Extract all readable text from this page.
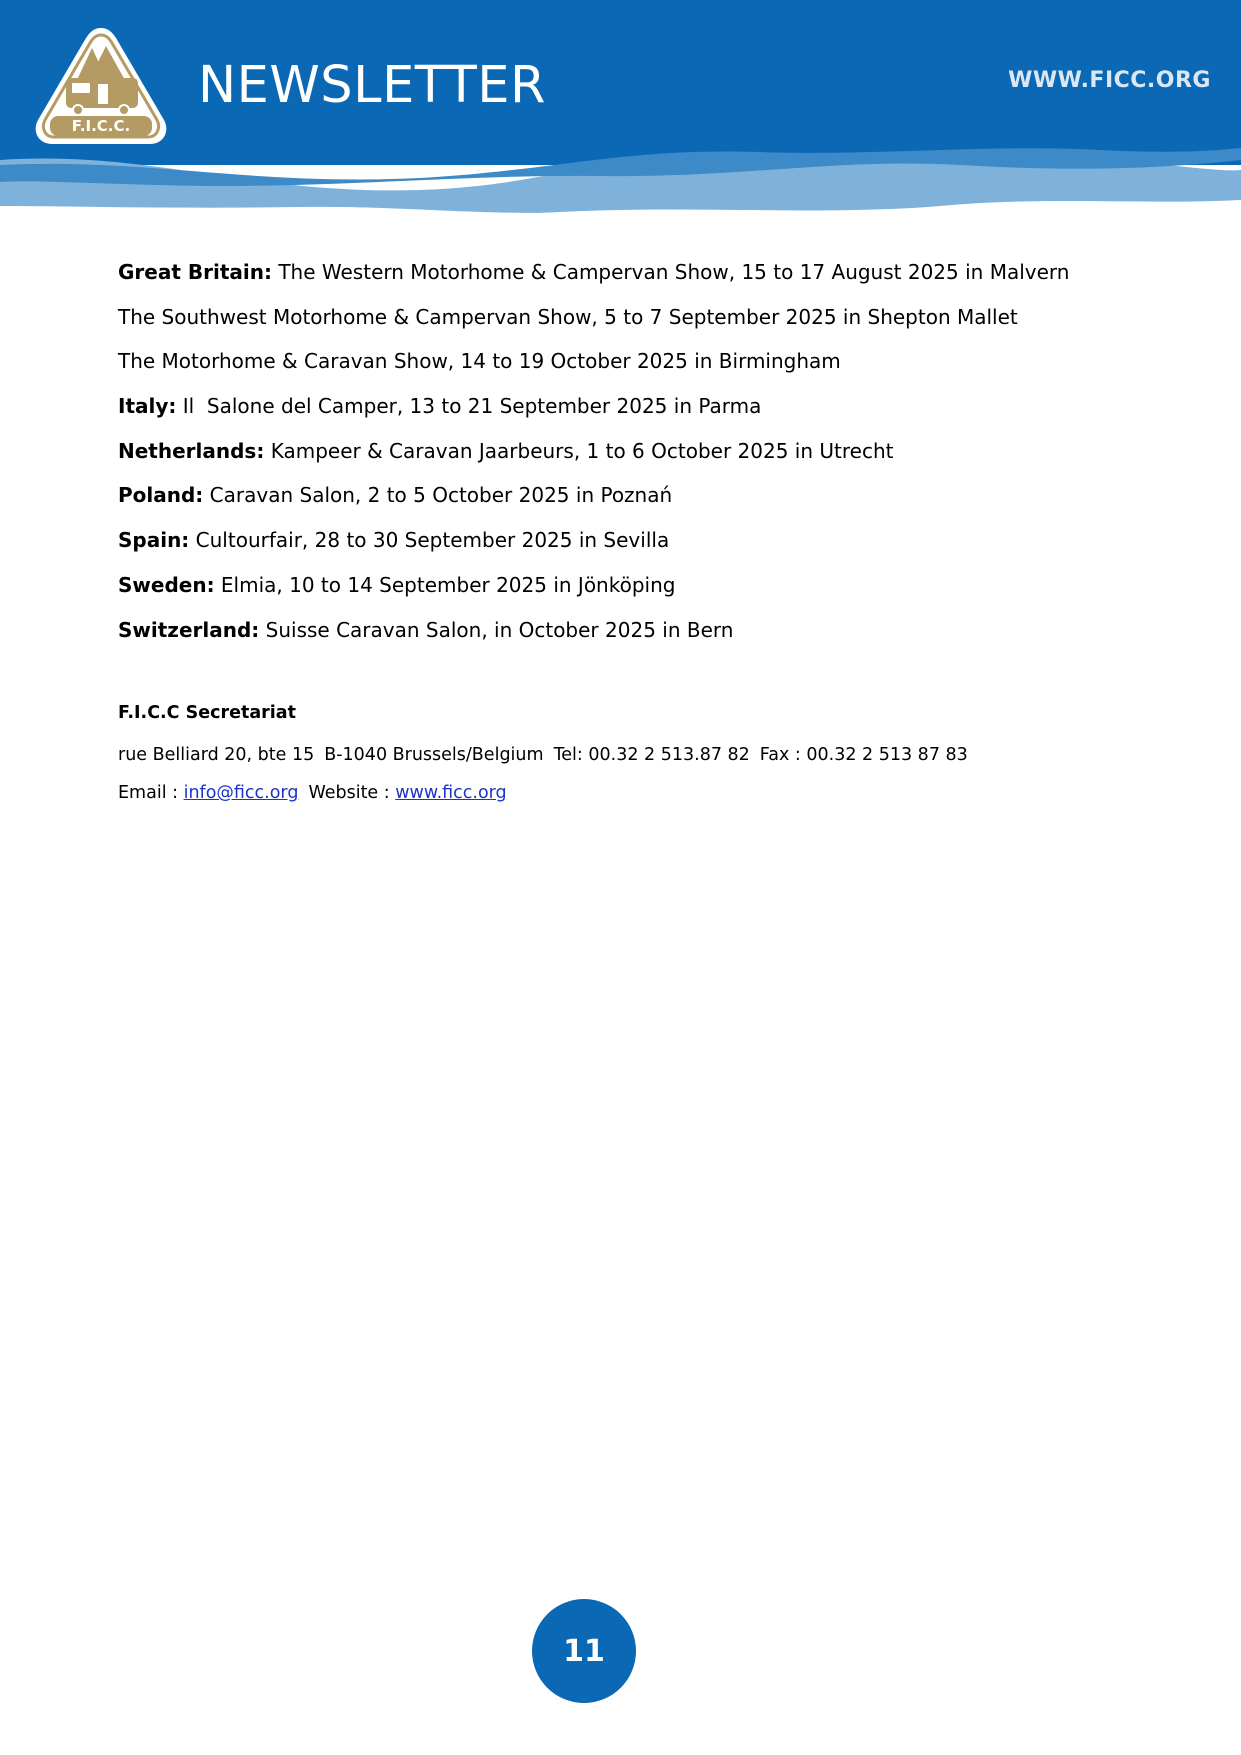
F.I.C.C.
NEWSLETTER	WWW.FICC.ORG
Great Britain: The Western Motorhome & Campervan Show, 15 to 17 August 2025 in Malvern
The Southwest Motorhome & Campervan Show, 5 to 7 September 2025 in Shepton Mallet
The Motorhome & Caravan Show, 14 to 19 October 2025 in Birmingham
Italy: Il  Salone del Camper, 13 to 21 September 2025 in Parma
Netherlands: Kampeer & Caravan Jaarbeurs, 1 to 6 October 2025 in Utrecht
Poland: Caravan Salon, 2 to 5 October 2025 in Poznań
Spain: Cultourfair, 28 to 30 September 2025 in Sevilla
Sweden: Elmia, 10 to 14 September 2025 in Jönköping
Switzerland: Suisse Caravan Salon, in October 2025 in Bern
F.I.C.C Secretariat
rue Belliard 20, bte 15 B-1040 Brussels/Belgium Tel: 00.32 2 513.87 82 Fax : 00.32 2 513 87 83
Email : info@ficc.org Website : www.ficc.org
11
